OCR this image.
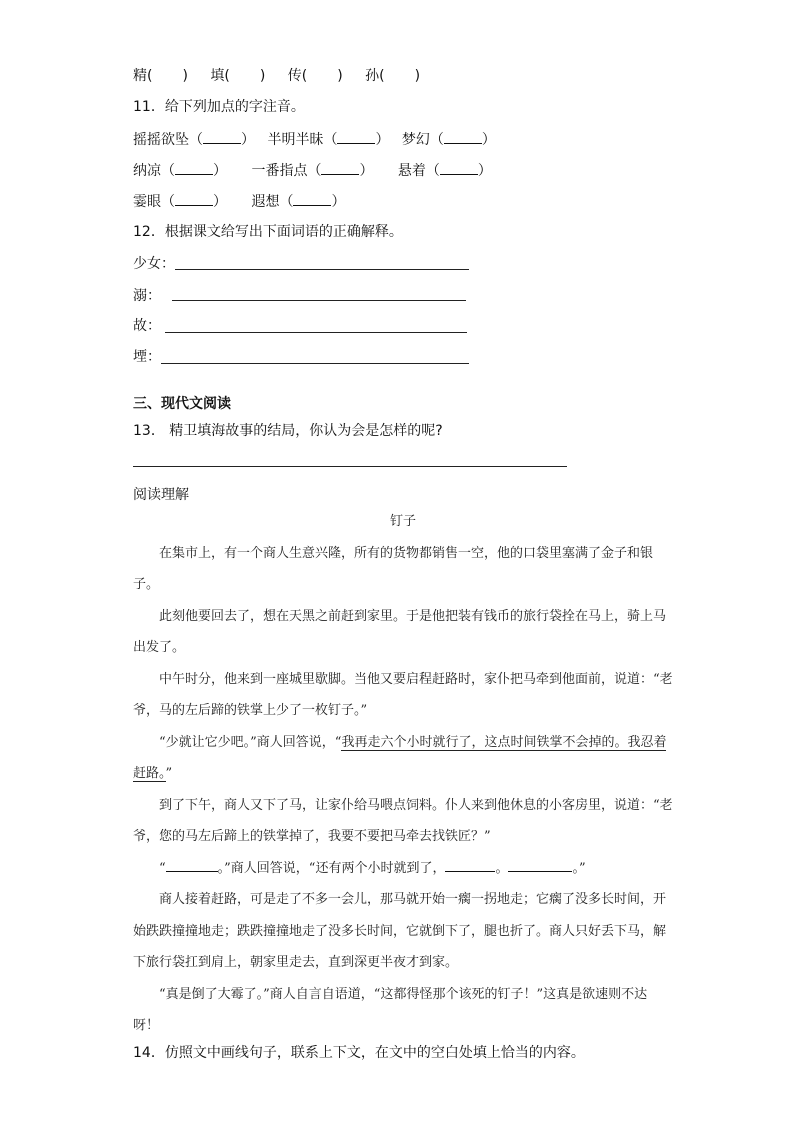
精( ) 填( ) 传( ) 孙( )
11．给下列加点的字注音。
摇摇欲坠（	） 半明半昧（	） 梦幻（	）
纳凉（	） 一番指点（	） 悬着（	）
霎眼（	） 遐想（	）
12．根据课文给写出下面词语的正确解释。
少女：
溺：
故：
堙：
三、现代文阅读
13． 精卫填海故事的结局，你认为会是怎样的呢?
阅读理解

钉子

在集市上，有一个商人生意兴隆，所有的货物都销售一空，他的口袋里塞满了金子和银子。

此刻他要回去了，想在天黑之前赶到家里。于是他把装有钱币的旅行袋拴在马上，骑上马出发了。

中午时分，他来到一座城里歇脚。当他又要启程赶路时，家仆把马牵到他面前，说道：“老爷，马的左后蹄的铁掌上少了一枚钉子。”

“少就让它少吧。”商人回答说，“我再走六个小时就行了，这点时间铁掌不会掉的。我忍着赶路。”

到了下午，商人又下了马，让家仆给马喂点饲料。仆人来到他休息的小客房里，说道：“老爷，您的马左后蹄上的铁掌掉了，我要不要把马牵去找铁匠？”

“	。”商人回答说，“还有两个小时就到了，	。	。”

商人接着赶路，可是走了不多一会儿，那马就开始一瘸一拐地走；它瘸了没多长时间，开始跌跌撞撞地走；跌跌撞撞地走了没多长时间，它就倒下了，腿也折了。商人只好丢下马，解下旅行袋扛到肩上，朝家里走去，直到深更半夜才到家。

“真是倒了大霉了。”商人自言自语道，“这都得怪那个该死的钉子！”这真是欲速则不达呀！

14．仿照文中画线句子，联系上下文，在文中的空白处填上恰当的内容。
